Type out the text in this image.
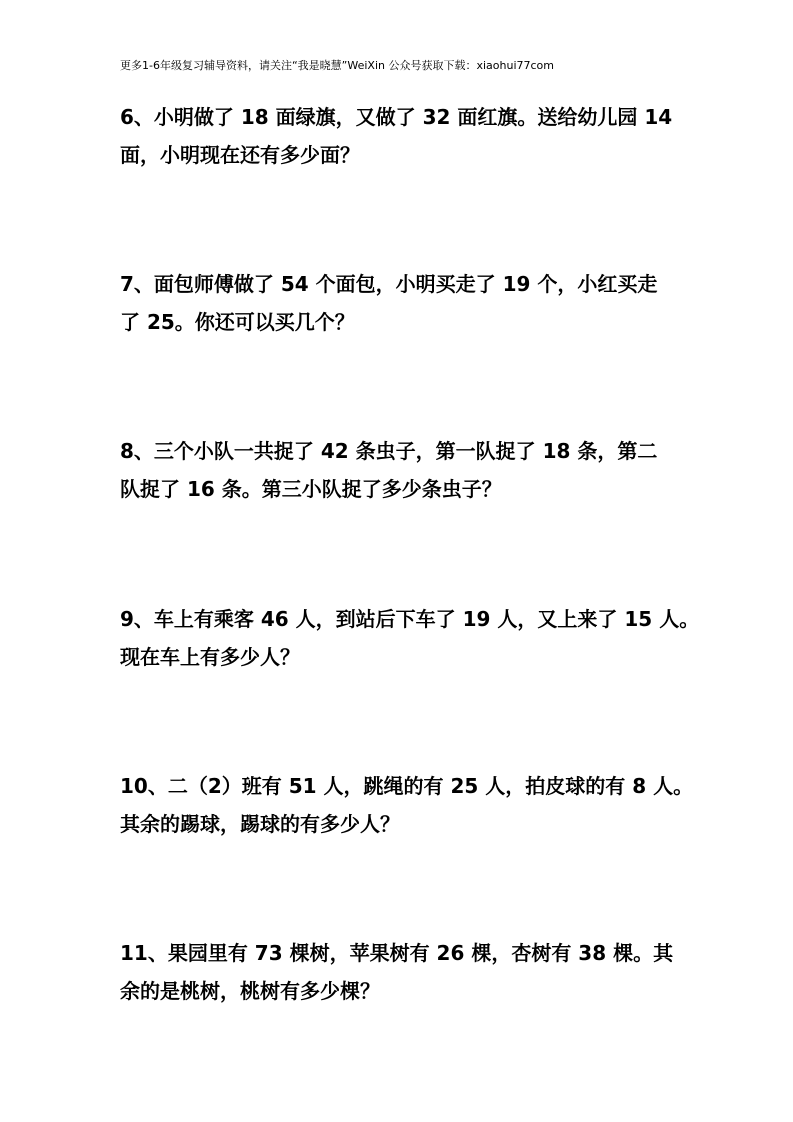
更多1-6年级复习辅导资料，请关注“我是晓慧”WeiXin 公众号获取下载：xiaohui77com
6、小明做了 18 面绿旗，又做了 32 面红旗。送给幼儿园 14
面，小明现在还有多少面？
7、面包师傅做了 54 个面包，小明买走了 19 个，小红买走
了 25。你还可以买几个？
8、三个小队一共捉了 42 条虫子，第一队捉了 18 条，第二
队捉了 16 条。第三小队捉了多少条虫子？
9、车上有乘客 46 人，到站后下车了 19 人，又上来了 15 人。
现在车上有多少人？
10、二（2）班有 51 人，跳绳的有 25 人，拍皮球的有 8 人。
其余的踢球，踢球的有多少人？
11、果园里有 73 棵树，苹果树有 26 棵，杏树有 38 棵。其
余的是桃树，桃树有多少棵？
